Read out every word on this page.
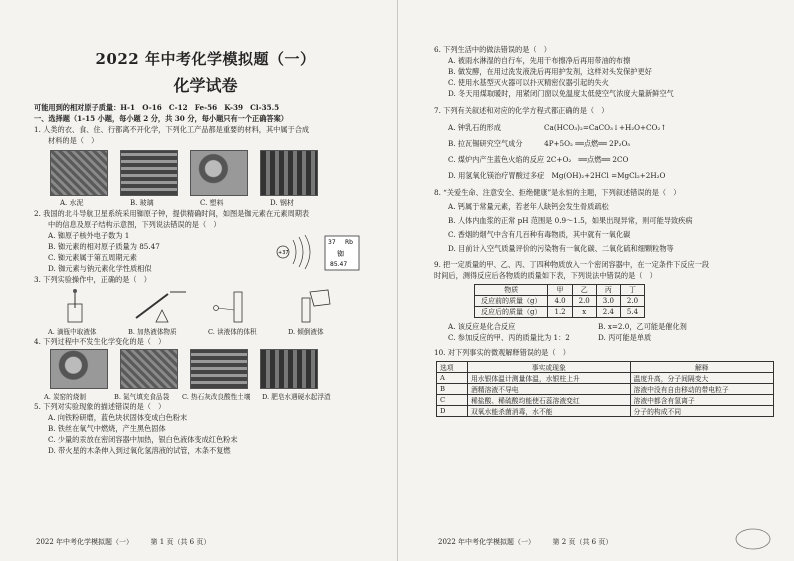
2022 年中考化学模拟题（一）
化学试卷
可能用到的相对原子质量：H-1　O-16　C-12　Fe-56　K-39　Cl-35.5
一、选择题（1-15 小题，每小题 2 分，共 30 分，每小题只有一个正确答案）
1. 人类的衣、食、住、行都离不开化学，下列化工产品都是重要的材料，其中属于合成
材料的是（　）
A. 水泥	B. 玻璃	C. 塑料	D. 钢材
2. 我国的北斗导航卫星系统采用铷原子钟，提供精确时间，如图是铷元素在元素周期表
中的信息及原子结构示意图，下列说法错误的是（　）
A. 铷原子核外电子数为 1
B. 铷元素的相对原子质量为 85.47
C. 铷元素属于第五周期元素
D. 铷元素与钠元素化学性质相似
+37
37 Rb
铷
85.47
3. 下列实验操作中，正确的是（　）
A. 滴瓶中取液体	B. 加热液体物质	C. 读液体的体积	D. 倾倒液体
4. 下列过程中不发生化学变化的是（　）
A. 炭窑的烧制	B. 氮气填充食品袋	C. 热石灰改良酸性土壤	D. 肥皂水遇硬水起浮渣
5. 下列对实验现象的描述错误的是（　）
A. 向铁粉研磨，蓝色块状固体变成白色粉末
B. 铁丝在氧气中燃烧，产生黑色固体
C. 少量的汞放在密闭容器中加热，银白色液体变成红色粉末
D. 带火星的木条伸入到过氧化氢溶液的试管，木条不复燃
2022 年中考化学模拟题（一）　　　第 1 页（共 6 页）
6. 下列生活中的做法错误的是（　）
A. 被雨水淋湿的自行车，先用干布擦净后再用带油的布擦
B. 做发酵，在用过洗发液洗后再用护发剂，这样对头发保护更好
C. 使用水基型灭火器可以扑灭精密仪器引起的失火
D. 冬天用煤取暖时，用紧闭门窗以免温度太低使空气浓度大量新鲜空气
7. 下列有关叙述和对应的化学方程式都正确的是（　）
A. 钟乳石的形成　　　　　　	Ca(HCO₃)₂=CaCO₃↓+H₂O+CO₂↑
B. 拉瓦锡研究空气成分　　　	4P+5O₂ ══点燃══ 2P₂O₅
C. 煤炉内产生蓝色火焰的反应 2C+O₂　 ══点燃══ 2CO
D. 用氢氧化镁治疗胃酸过多症　 Mg(OH)₂+2HCl =MgCl₂+2H₂O
8. “关爱生命、注意安全、拒绝健康”是永恒的主题，下列叙述错误的是（　）
A. 钙属于常量元素，若老年人缺钙会发生骨质疏松
B. 人体内血浆的正常 pH 范围是 0.9～1.5，如果出现异常，则可能导致疾病
C. 香烟的烟气中含有几百种有毒物质，其中就有一氧化碳
D. 目前计入空气质量评价的污染物有一氧化碳、二氧化硫和细颗粒物等
9. 把一定质量的甲、乙、丙、丁四种物质放入一个密闭容器中，在一定条件下反应一段
时间后，测得反应后各物质的质量如下表，下列说法中错误的是（　）
物质	甲	乙	丙	丁
反应前的质量（g）	4.0	2.0	3.0	2.0
反应后的质量（g）	1.2	x	2.4	5.4
A. 该反应是化合反应	B. x=2.0，乙可能是催化剂
C. 参加反应的甲、丙的质量比为 1：2	D. 丙可能是单质
10. 对下列事实的微观解释错误的是（　）
选项	事实或现象	解释
A	用水银体温计测量体温，水银柱上升	温度升高，分子间隔变大
B	酒精溶液不导电	溶液中没有自由移动的带电粒子
C	稀盐酸、稀硫酸均能使石蕊溶液变红	溶液中都含有氢离子
D	双氧水能杀菌消毒，水不能	分子的构成不同
2022 年中考化学模拟题（一）　　　第 2 页（共 6 页）
